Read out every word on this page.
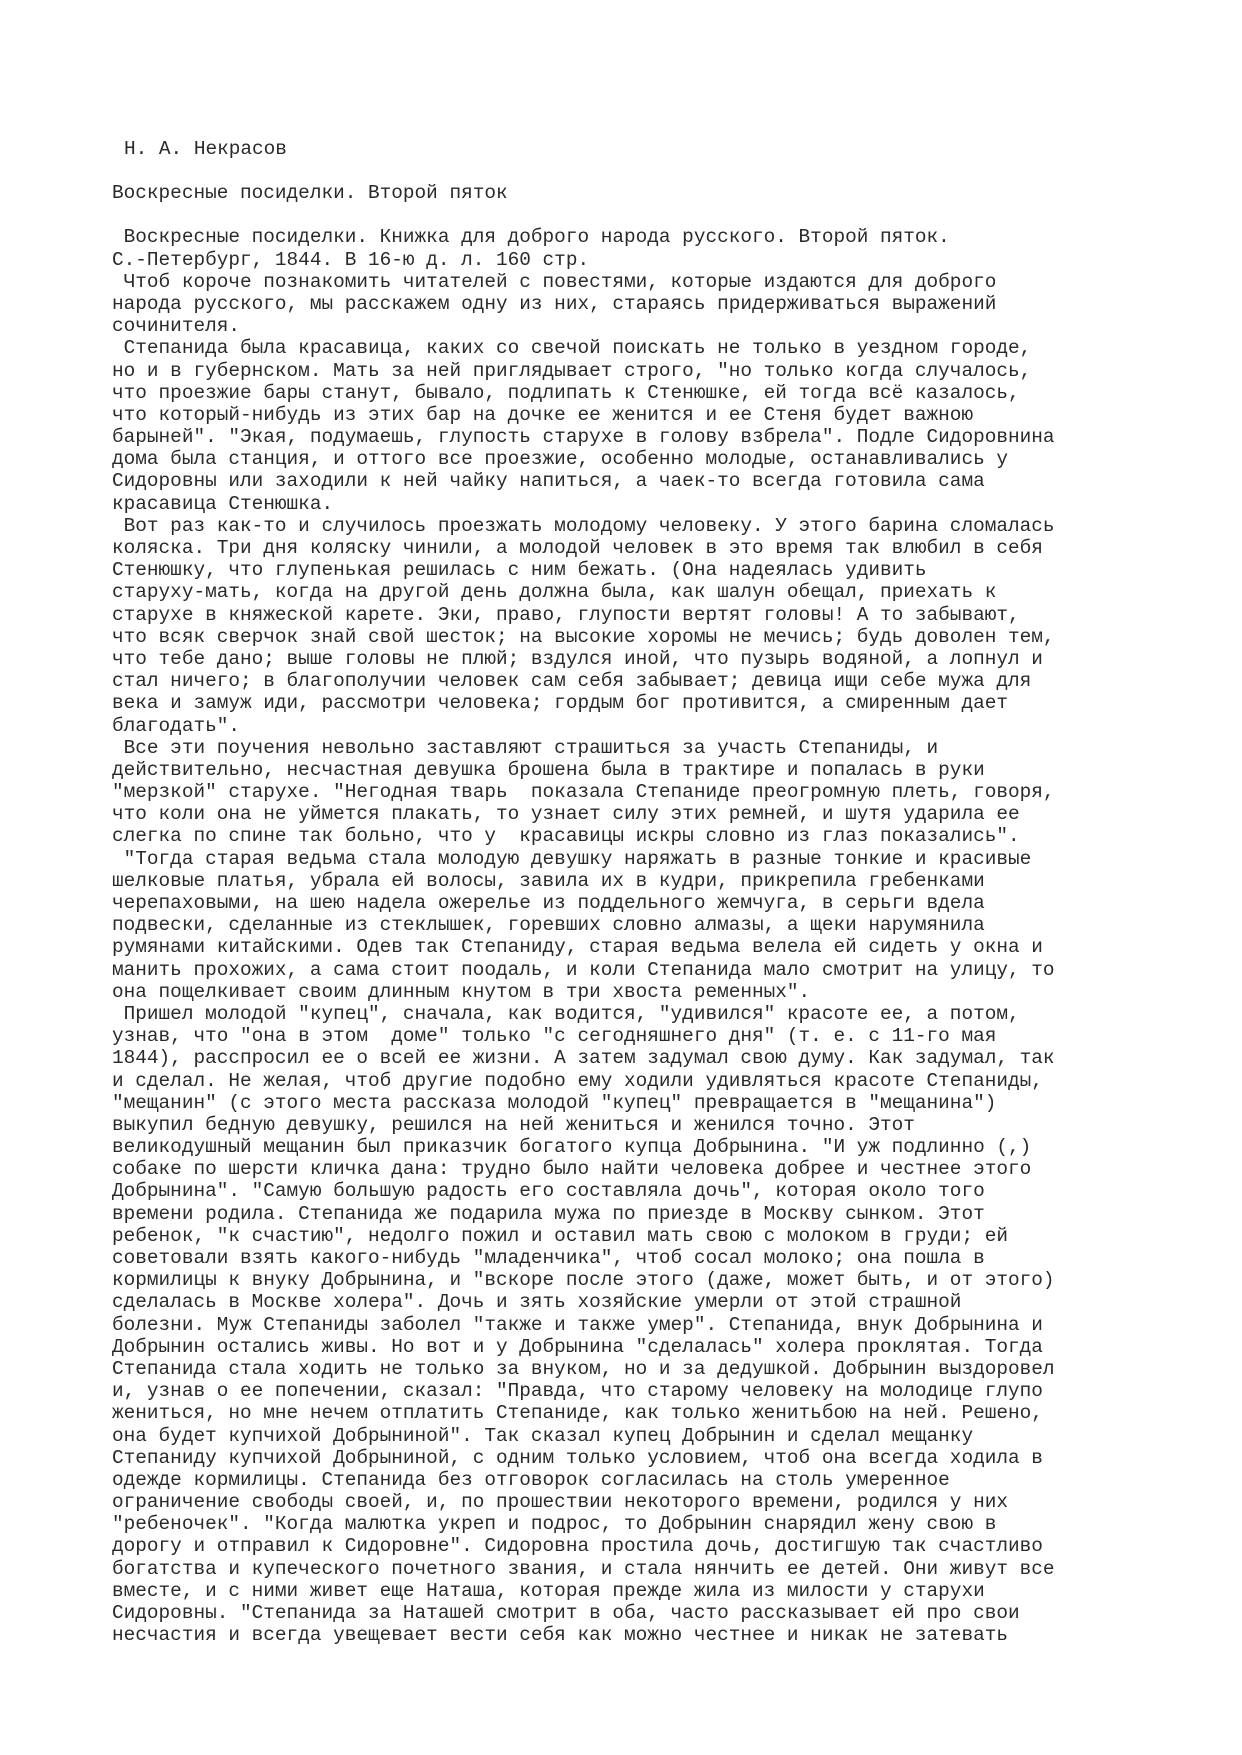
Н. А. Некрасов
Воскресные посиделки. Второй пяток
Воскресные посиделки. Книжка для доброго народа русского. Второй пяток.
С.-Петербург, 1844. В 16-ю д. л. 160 стр.
Чтоб короче познакомить читателей с повестями, которые издаются для доброго
народа русского, мы расскажем одну из них, стараясь придерживаться выражений
сочинителя.
Степанида была красавица, каких со свечой поискать не только в уездном городе,
но и в губернском. Мать за ней приглядывает строго, "но только когда случалось,
что проезжие бары станут, бывало, подлипать к Стенюшке, ей тогда всё казалось,
что который-нибудь из этих бар на дочке ее женится и ее Стеня будет важною
барыней". "Экая, подумаешь, глупость старухе в голову взбрела". Подле Сидоровнина
дома была станция, и оттого все проезжие, особенно молодые, останавливались у
Сидоровны или заходили к ней чайку напиться, а чаек-то всегда готовила сама
красавица Стенюшка.
Вот раз как-то и случилось проезжать молодому человеку. У этого барина сломалась
коляска. Три дня коляску чинили, а молодой человек в это время так влюбил в себя
Стенюшку, что глупенькая решилась с ним бежать. (Она надеялась удивить
старуху-мать, когда на другой день должна была, как шалун обещал, приехать к
старухе в княжеской карете. Эки, право, глупости вертят головы! А то забывают,
что всяк сверчок знай свой шесток; на высокие хоромы не мечись; будь доволен тем,
что тебе дано; выше головы не плюй; вздулся иной, что пузырь водяной, а лопнул и
стал ничего; в благополучии человек сам себя забывает; девица ищи себе мужа для
века и замуж иди, рассмотри человека; гордым бог противится, а смиренным дает
благодать".
Все эти поучения невольно заставляют страшиться за участь Степаниды, и
действительно, несчастная девушка брошена была в трактире и попалась в руки
"мерзкой" старухе. "Негодная тварь  показала Степаниде преогромную плеть, говоря,
что коли она не уймется плакать, то узнает силу этих ремней, и шутя ударила ее
слегка по спине так больно, что у  красавицы искры словно из глаз показались".
"Тогда старая ведьма стала молодую девушку наряжать в разные тонкие и красивые
шелковые платья, убрала ей волосы, завила их в кудри, прикрепила гребенками
черепаховыми, на шею надела ожерелье из поддельного жемчуга, в серьги вдела
подвески, сделанные из стеклышек, горевших словно алмазы, а щеки нарумянила
румянами китайскими. Одев так Степаниду, старая ведьма велела ей сидеть у окна и
манить прохожих, а сама стоит поодаль, и коли Степанида мало смотрит на улицу, то
она пощелкивает своим длинным кнутом в три хвоста ременных".
Пришел молодой "купец", сначала, как водится, "удивился" красоте ее, а потом,
узнав, что "она в этом  доме" только "с сегодняшнего дня" (т. е. с 11-го мая
1844), расспросил ее о всей ее жизни. А затем задумал свою думу. Как задумал, так
и сделал. Не желая, чтоб другие подобно ему ходили удивляться красоте Степаниды,
"мещанин" (с этого места рассказа молодой "купец" превращается в "мещанина")
выкупил бедную девушку, решился на ней жениться и женился точно. Этот
великодушный мещанин был приказчик богатого купца Добрынина. "И уж подлинно (,)
собаке по шерсти кличка дана: трудно было найти человека добрее и честнее этого
Добрынина". "Самую большую радость его составляла дочь", которая около того
времени родила. Степанида же подарила мужа по приезде в Москву сынком. Этот
ребенок, "к счастию", недолго пожил и оставил мать свою с молоком в груди; ей
советовали взять какого-нибудь "младенчика", чтоб сосал молоко; она пошла в
кормилицы к внуку Добрынина, и "вскоре после этого (даже, может быть, и от этого)
сделалась в Москве холера". Дочь и зять хозяйские умерли от этой страшной
болезни. Муж Степаниды заболел "также и также умер". Степанида, внук Добрынина и
Добрынин остались живы. Но вот и у Добрынина "сделалась" холера проклятая. Тогда
Степанида стала ходить не только за внуком, но и за дедушкой. Добрынин выздоровел
и, узнав о ее попечении, сказал: "Правда, что старому человеку на молодице глупо
жениться, но мне нечем отплатить Степаниде, как только женитьбою на ней. Решено,
она будет купчихой Добрыниной". Так сказал купец Добрынин и сделал мещанку
Степаниду купчихой Добрыниной, с одним только условием, чтоб она всегда ходила в
одежде кормилицы. Степанида без отговорок согласилась на столь умеренное
ограничение свободы своей, и, по прошествии некоторого времени, родился у них
"ребеночек". "Когда малютка укреп и подрос, то Добрынин снарядил жену свою в
дорогу и отправил к Сидоровне". Сидоровна простила дочь, достигшую так счастливо
богатства и купеческого почетного звания, и стала нянчить ее детей. Они живут все
вместе, и с ними живет еще Наташа, которая прежде жила из милости у старухи
Сидоровны. "Степанида за Наташей смотрит в оба, часто рассказывает ей про свои
несчастия и всегда увещевает вести себя как можно честнее и никак не затевать
